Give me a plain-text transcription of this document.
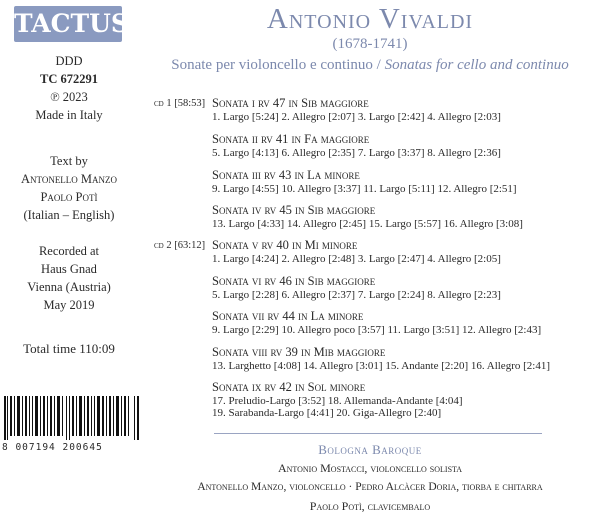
TACTUS
DDD
TC 672291
℗ 2023
Made in Italy
Text by
Antonello Manzo
Paolo Potì
(Italian – English)
Recorded at
Haus Gnad
Vienna (Austria)
May 2019
Total time 110:09
Antonio Vivaldi
(1678-1741)
Sonate per violoncello e continuo / Sonatas for cello and continuo
cd 1 [58:53]
cd 2 [63:12]
Sonata i rv 47 in Sib maggiore
1. Largo [5:24] 2. Allegro [2:07] 3. Largo [2:42] 4. Allegro [2:03]
Sonata ii rv 41 in Fa maggiore
5. Largo [4:13] 6. Allegro [2:35] 7. Largo [3:37] 8. Allegro [2:36]
Sonata iii rv 43 in La minore
9. Largo [4:55] 10. Allegro [3:37] 11. Largo [5:11] 12. Allegro [2:51]
Sonata iv rv 45 in Sib maggiore
13. Largo [4:33] 14. Allegro [2:45] 15. Largo [5:57] 16. Allegro [3:08]
Sonata v rv 40 in Mi minore
1. Largo [4:24] 2. Allegro [2:48] 3. Largo [2:47] 4. Allegro [2:05]
Sonata vi rv 46 in Sib maggiore
5. Largo [2:28] 6. Allegro [2:37] 7. Largo [2:24] 8. Allegro [2:23]
Sonata vii rv 44 in La minore
9. Largo [2:29] 10. Allegro poco [3:57] 11. Largo [3:51] 12. Allegro [2:43]
Sonata viii rv 39 in Mib maggiore
13. Larghetto [4:08] 14. Allegro [3:01] 15. Andante [2:20] 16. Allegro [2:41]
Sonata ix rv 42 in Sol minore
17. Preludio-Largo [3:52] 18. Allemanda-Andante [4:04]
19. Sarabanda-Largo [4:41] 20. Giga-Allegro [2:40]
Bologna Baroque
Antonio Mostacci, violoncello solista
Antonello Manzo, violoncello · Pedro Alcàcer Doria, tiorba e chitarra
Paolo Potì, clavicembalo
8 007194 200645
